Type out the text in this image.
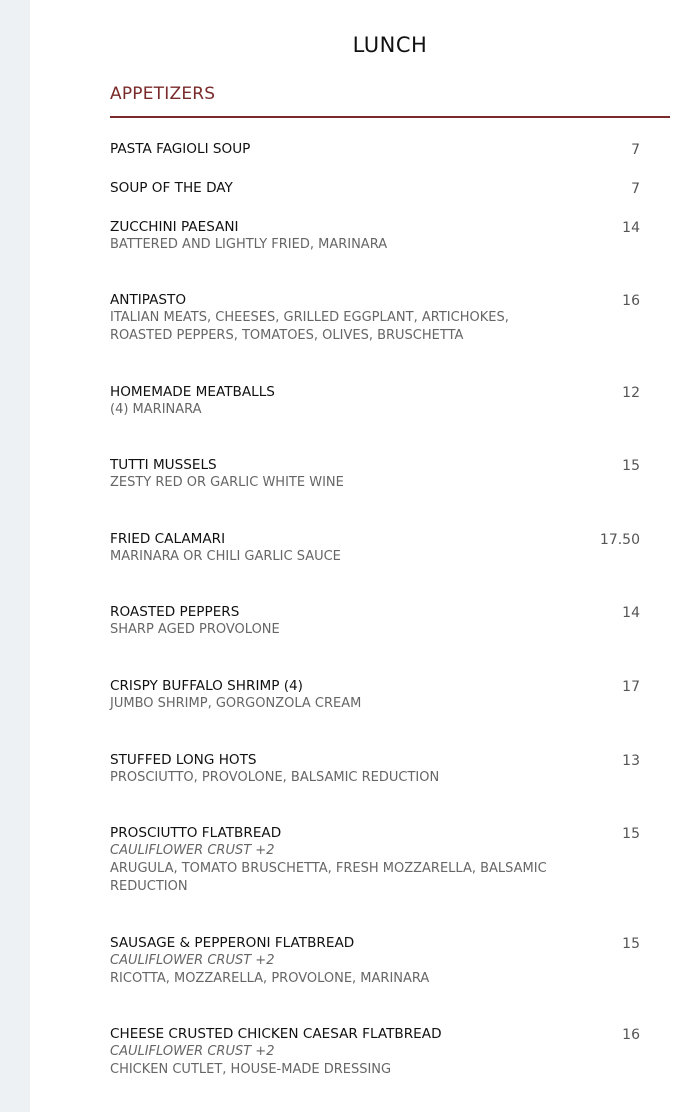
LUNCH
APPETIZERS
PASTA FAGIOLI SOUP	7
SOUP OF THE DAY	7
ZUCCHINI PAESANI
BATTERED AND LIGHTLY FRIED, MARINARA
14
ANTIPASTO
ITALIAN MEATS, CHEESES, GRILLED EGGPLANT, ARTICHOKES, ROASTED PEPPERS, TOMATOES, OLIVES, BRUSCHETTA
16
HOMEMADE MEATBALLS
(4) MARINARA
12
TUTTI MUSSELS
ZESTY RED OR GARLIC WHITE WINE
15
FRIED CALAMARI
MARINARA OR CHILI GARLIC SAUCE
17.50
ROASTED PEPPERS
SHARP AGED PROVOLONE
14
CRISPY BUFFALO SHRIMP (4)
JUMBO SHRIMP, GORGONZOLA CREAM
17
STUFFED LONG HOTS
PROSCIUTTO, PROVOLONE, BALSAMIC REDUCTION
13
PROSCIUTTO FLATBREAD
CAULIFLOWER CRUST +2
ARUGULA, TOMATO BRUSCHETTA, FRESH MOZZARELLA, BALSAMIC REDUCTION
15
SAUSAGE & PEPPERONI FLATBREAD
CAULIFLOWER CRUST +2
RICOTTA, MOZZARELLA, PROVOLONE, MARINARA
15
CHEESE CRUSTED CHICKEN CAESAR FLATBREAD
CAULIFLOWER CRUST +2
CHICKEN CUTLET, HOUSE-MADE DRESSING
16
